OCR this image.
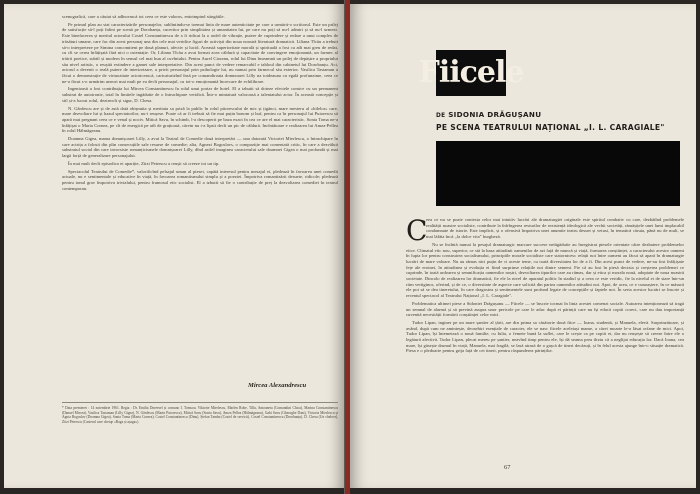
scenografică, care a căutat să adîncească tot ceea ce este valoros, entoimpind stingătile.

Pe primul plan au stat caracterizările personajelor, subliniindu-se toemai linia de mare autenticitate pe care a urmărit-o scriitorul. Este un prilej de satisfacție să-l poți înlini pe scenă pe Dorobanțu, cuceritor prin simplitatea și umanitatea lui, pe care nu poți să nu-l admiri și să nu-l urmezi. Este binefacerea și meritul actorului Costel Constantinescu de a fi ridicat la o astfel de vibrație, putere de cuprindere și redare a unui complex de trăsături umane, care fac din acest personaj una din cele mai veridice figuri de activiști din noua noastră literatură dramatică. Liliana Tîcău a trebuit să-o interpreteze pe Simina concomitent pe două planuri, afectiv și lucid. Această superioritate morală și spirituală a fost cu atît mai greu de redat, cu cît se cerea înfățișată fără nici o ostentație. Or, Liliana Tîcău a avut format acea căldură și capacitate de convingere emoționantă, un farmec al trăirii poetice, subtil și modern în sensul cel mai bun al cuvîntului. Pentru Aurel Cioranu, rolul lui Dinu înseamnă un prilej de depășire a propriului său nivel artistic, o reușită extindere a gamei sale interpretative. Din acest punct de vedere remarcabil e tabloul din cabinetul lui Dorobanțu. Aci, actorul a devenit o reală putere de interiorizare, a privit personajul prin psihologie lui, nu numai prin farmecul său exterior. Vasilica Tastaman a făcut o demonstrație de virtuozitate actoricească, caricaturizînd însă pe comandiroaia domnoarei Lilly na totdeauna cu egală profunzime, ceea ce ne-a făcut s-o urmărim uneori mai mult pe ea decît personajul, cu tot-o emoționantă încercare de echilibrare.

Ingenioasă a fost contribuția lui Mircea Constantinescu în rolul unui portar de hotel. El a izbutit să doteze efectele comice cu un permanent substrat de autoironie, total în limitele ingăduite de o întruchipare veridică. Într-o miniatură valoroasă a talentatului actor. În această concepție și stil și-a lucrat rolul, dezinvolt și sigur, D. Chesa.

N. Gârdescu are și de astă dată obișnuita și meritata sa prizâ la public în rolul pitorescului de mic și țigănci, mare mesteru al «bilelor» care, mare dezvoltare lui și hazul spectatorilor, nu-i reușese. Poate că ar fi trebuit să fie mai puțin bonom și buf, pentru ca în personajul lui Puiorescu să apară mai pregnant ceea ce e venal și nociv. Mitică Savu, în schimb, l-a descoperit pe baza exact în cea ce are el mai caracteristic. Sonia Toma ne-a înfățișat o Maria Cornea, pe cît de energică pe atît de grațioasă, cărein nu i-a lipsit decît un pic de căldură. Incîntătoare e realizarea lui Amza-Pellea în rolul Hălmăgeanu.

Doamna Gigea, mama domnișoarei Lilly, a avut la Teatrul de Comedie două interpretări — una datorată Victoriei Mierlescu, o întruchipare în care actrița a folosit din plin consecuțiile sale resurse de comedie; alta, Agnezi Bogoslavs, o compoziție mai comentată critic, în care a dezvăluit substratul social din care invorsiste romanțicismele domnișoarei Lilly, dînd astfel imaginea caracterului sale doamnei Gigea o mai profundă și mai largă forță de generalizare personajului.

În mai mult decît episodica ei apariție, Ziizi Petrescu a reușit să creeze tot un tip.

Spectacolul Teatrului de Comedie*, valorificînd pelsajul uman al piesei, capătă interesul pentru mesajul ei, pledează în favoarea unei comedii actuale, nu e sentimentale și educative în viață, în favoarea romantismului simplu și a poeziei. Împotriva romantizării desuete, ridicole; pledează pentru tonul grav împotriva trivialului, pentru frumosul etic socialist. El a izbutit să fie o contribuție de preț la dezvoltarea comediei în teatrul contemporan.

Mircea Alexandrescu
* Data premierei : 14 noiembrie 1961. Regia : Dr. Emilia Doreesel și comuno I. Tomsou. Viktorie Mierlescu, Marlen Robe, Tillu, Antoaneta (Comandini Chica), Marina Constantinescu (Danuel Mircea), Vasilica Tastaman (Lilly Gigea), N. Gârdescu (Marin Puiorescu), Mitică Savu (Sonia Savu), Amza Pellea (Hălmăgeanu), Gabi Savu (Gheorghe Dani), Victoria Mierlescu și Agnia Bogoslav (Doamna Gigea), Sonia Toma (Maria Cornea), Costel Constantinescu (Dinu), Ștefan Tambu (Costel de servicii), Costel Constantinescu (Dorobanțu), D. Chesa (Un cheloer), Ziizi Petrescu (Casierul care cheiqe «Baga și așaga»).
Fiicele
DE SIDONIA DRĂGUȘANU
PE SCENA TEATRULUI NAȚIONAL „I. L. CARAGIALE"
C

eea ce nu se poate contesta celor mai intuitiv lucrări ale dramaturgiei originale este spiritul combativ cu care, dezbătînd problemele realității noastre socialiste, contribuie la înfrîngerea resturilor de rezistență ideologică ale vechii societăți, rămășițele unei lumi implacabil condamnate de istorie. Este implicit, și o ofensivă împotriva unei anumite teatru desuet și vetust, în tematică căruia, până nu de mult, se mai lăfăia încă „la dolce vita" burgheză.

Nu se încîntă numai la pesajul dramaturgic marcare succese netăgăduite au înregistrat piesele orientate către dezbatere problemelor etice. Climatul etic nou, superior, ce stă la baza atitudinii oamenilor de azi față de muncă și viață, formarea conștiinței, a caracterului acestor oameni în lupta lor pentru construirea socialismului, principiile morale socialiste care statornicesc relații noi între oameni au făcut să apară în dramaturgie lucrări de mare valoare. Nu au rămas nici puțin de ci aceste teme, cu toată diversitatea lor de a fi. Din acest punct de vedere, ne-au fost înfățișate fețe ale eroinei, în atitudinea și evoluția ei fiind surprinse relațiile noi dintre semeni. Fie că au fost în piesă decizia și creșterea problemei ce cuprinde, în toată ardoarea și semnificația oamenilor noștri, dezvoltarea tipurilor care au rămas, dar și etica și morala nouă, adoptate de noua noastră societate. Dincolo de realizarea lor dramatică, fie ele la nivel de aparatul politic în stadiul și a ceea ce este veridic, fie la nivelul ei de stare într-un ritm vertiginos, oferind, și de ce, o diversitate de aspecte care solicită din partea oamenilor atitudini noi. Apoi, de acea, ce e cunoaștere, în ce măsură ele pot să se dea tineretului, în care dragostea și sentimentele sunt profund legate de concepțiile și faptele noi. În seria acestor lucrări se înscrie și recentul spectacol al Teatrului Național „I. L. Caragiale".

Problematica ultimei piese a Sidoniei Drăgușanu — Fiicele — se înscrie tocmai în linia acestei comenzi sociale. Autoarea intenționează să tragă un semnal de alarmă și să prevină asupra unor pericole pe care le aduc după ei părinții care nu își educă copiii corect, care nu dau importanță cuvenită necesității formării conștiinței celor mici.

Tudor Lipan, inginer pe un mare șantier al țării, are din prima sa căsătorie două fiice — Ioana, studentă, și Manuela, elevă. Surprinzătoare, și având, după cum ne amintește, deosebiri esențiale de caracter, ele se nasc fiicele aceleiași mame, a cărei moarte le-a lăsat orfane de mici. Apoi, Tudor Lipan, își întemeiază o nouă familie, cu Iulia, o femeie bună la suflet, care le crește ca pe copiii ei, dar nu reușește să creeze între ele o legătură afectivă. Tudor Lipan, plecat mereu pe șantier, neavînd timp pentru ele, își dă seama prea tîrziu că a neglijat educația lor. Dacă Ioana, cea mare, își găsește drumul în viață, Manuela, mai fragilă, se lasă atrasă de o gașcă de tineri decăzuți, și în felul acesta ajunge într-o situație dramatică. Piesa e o pledoarie pentru grija față de cei tineri, pentru răspunderea părinților.

67
